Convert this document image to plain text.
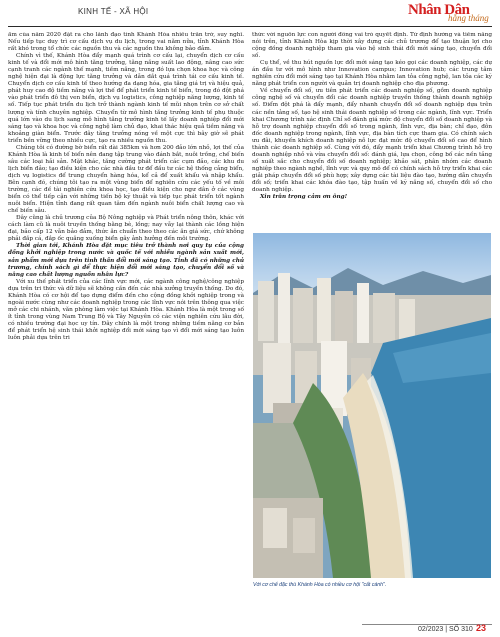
KINH TẾ - XÃ HỘI	Nhân Dân
hằng tháng

ẩm của năm 2020 đặt ra cho lãnh đạo tỉnh Khánh Hòa nhiều trăn trở, suy nghĩ. Nếu tiếp tục duy trì cơ cấu dịch vụ du lịch, trong vai năm nữa, tỉnh Khánh Hòa rất khó trong tổ chức các nguồn thu và các nguồn thu không bảo đảm.

Chính vì thế, Khánh Hòa đẩy mạnh quá trình cơ cấu lại, chuyển dịch cơ cấu kinh tế và đổi mới mô hình tăng trưởng, tăng năng suất lao động, nâng cao sức cạnh tranh các ngành thế mạnh, tiềm năng, trong đó lựa chọn khoa học và công nghệ hiện đại là động lực tăng trưởng và dẫn dắt quá trình tái cơ cấu kinh tế. Chuyển dịch cơ cấu kinh tế theo hướng đa dạng hóa, gia tăng giá trị và hiệu quả, phát huy cao độ tiềm năng và lợi thế để phát triển kinh tế biển, trong đó đột phá vào phát triển đô thị ven biển, dịch vụ logistics, công nghiệp năng lượng, kinh tế số. Tiếp tục phát triển du lịch trở thành ngành kinh tế mũi nhọn trên cơ sở chất lượng và tính chuyên nghiệp. Chuyển từ mô hình tăng trưởng kinh tế phụ thuộc quá lớn vào du lịch sang mô hình tăng trưởng kinh tế lấy doanh nghiệp đổi mới sáng tạo và khoa học và công nghệ làm chủ đạo, khai thác hiệu quả tiềm năng và khoảng giàn biển. Trước đây tăng trưởng nóng về một cực thì bây giờ sẽ phát triển bền vững theo nhiều cực, tạo ra nhiều nguồn thu.

Chúng tôi có đường bờ biển rất dài 385km và hơn 200 đảo lớn nhỏ, lợi thế của Khánh Hòa là kinh tế biển nên đang tập trung vào đánh bắt, nuôi trồng, chế biến sâu các loại hải sản. Mặt khác, tăng cường phát triển các cụm đảo, các khu du lịch biển đảo; tạo điều kiện cho các nhà đầu tư để đầu tư các hệ thống cảng biển, dịch vụ logistics để trung chuyển hàng hóa, kể cả để xuất khẩu và nhập khẩu. Bên cạnh đó, chúng tôi tạo ra một vùng biển để nghiên cứu các yếu tố về môi trường, các đề tài nghiên cứu khoa học, tạo điều kiện cho ngư dân ở các vùng biển có thể tiếp cận với những tiến bộ kỹ thuật và tiếp tục phát triển tốt ngành nuôi biển. Hiện tỉnh đang rất quan tâm đến ngành nuôi biển chất lượng cao và chế biến sâu.

Đây cũng là chủ trương của Bộ Nông nghiệp và Phát triển nông thôn, khác với cách làm cũ là nuôi truyền thống bằng bè, lồng; nay vẫy lại thành các lồng hiện đại, bảo cấp 12 vẫn bảo đảm, thức ăn chuẩn theo theo các ăn giá sức, chứ không phải đắp cá, đắp ốc quăng xuống biển gây ảnh hưởng đến môi trường.

Thời gian tới, Khánh Hòa đặt mục tiêu trở thành nơi quy tụ của cộng đồng khởi nghiệp trong nước và quốc tế với nhiều ngành sản xuất mới, sản phẩm mới dựa trên tinh thần đổi mới sáng tạo. Tỉnh đã có những chủ trương, chính sách gì để thực hiện đổi mới sáng tạo, chuyển đổi số và nâng cao chất lượng nguồn nhân lực?

Với xu thế phát triển của các lĩnh vực mới, các ngành công nghệ/công nghiệp dựa trên tri thức và dữ liệu sẽ không cần đến các nhà xưởng truyền thống. Do đó, Khánh Hòa có cơ hội để tạo dựng điểm đến cho cộng đồng khởi nghiệp trong và ngoài nước cùng như các doanh nghiệp trong các lĩnh vực nói trên thông qua việc mở các chi nhánh, văn phòng làm việc tại Khánh Hòa. Khánh Hòa là một trong số ít tỉnh trong vùng Nam Trung Bộ và Tây Nguyên có các viện nghiên cứu lâu đời, có nhiều trường đại học uy tín. Đây chính là một trong những tiềm năng cơ bản để phát triển hệ sinh thái khởi nghiệp đổi mới sáng tạo vì đổi mới sáng tạo luôn luôn phải dựa trên tri

thức với nguồn lực con người đông vai trò quyết định. Từ định hướng và tiềm năng nói trên, tỉnh Khánh Hòa kịp thời xây dựng các chủ trương để tạo thuận lợi cho cộng đồng doanh nghiệp tham gia vào hệ sinh thái đổi mới sáng tạo, chuyển đổi số.

Cụ thể, về thu hút nguồn lực đổi mới sáng tạo kéo gọi các doanh nghiệp, các dự án đầu tư với mô hình như Innovation campus; Innovation hub; các trung tâm nghiên cứu đổi mới sáng tạo tại Khánh Hòa nhằm lan tỏa công nghệ, lan tỏa các kỹ năng phát triển con người và quản trị doanh nghiệp cho địa phương.

Về chuyển đổi số, ưu tiên phát triển các doanh nghiệp số, gồm doanh nghiệp công nghệ số và chuyển đổi các doanh nghiệp truyền thống thành doanh nghiệp số. Điểm đột phá là đẩy mạnh, đẩy nhanh chuyển đổi số doanh nghiệp dựa trên các nền tảng số, tạo hệ sinh thái doanh nghiệp số trong các ngành, lĩnh vực. Triển khai Chương trình xác định Chỉ số đánh giá mức độ chuyển đổi số doanh nghiệp và hỗ trợ doanh nghiệp chuyển đổi số trong ngành, lĩnh vực, địa bàn; chỉ đạo, đôn đốc doanh nghiệp trong ngành, lĩnh vực, địa bàn tích cực tham gia. Có chính sách ưu đãi, khuyến khích doanh nghiệp nỗ lực đạt mức độ chuyển đổi số cao để hình thành các doanh nghiệp số. Cùng với đó, đẩy mạnh triển khai Chương trình hỗ trợ doanh nghiệp nhỏ và vừa chuyển đổi số: đánh giá, lựa chọn, công bố các nền tảng số xuất sắc cho chuyển đổi số doanh nghiệp; khảo sát, phân nhóm các doanh nghiệp theo ngành nghề, lĩnh vực và quy mô để có chính sách hỗ trợ triển khai các giải pháp chuyển đổi số phù hợp; xây dựng các tài liệu đào tạo, hướng dẫn chuyển đổi số; triển khai các khóa đào tạo, tập huấn về kỹ năng số, chuyển đổi số cho doanh nghiệp.

Xin trân trọng cảm ơn ông!

Với cơ chế đặc thù Khánh Hòa có nhiều cơ hội "cất cánh".
02/2023 | SỐ 310 23
